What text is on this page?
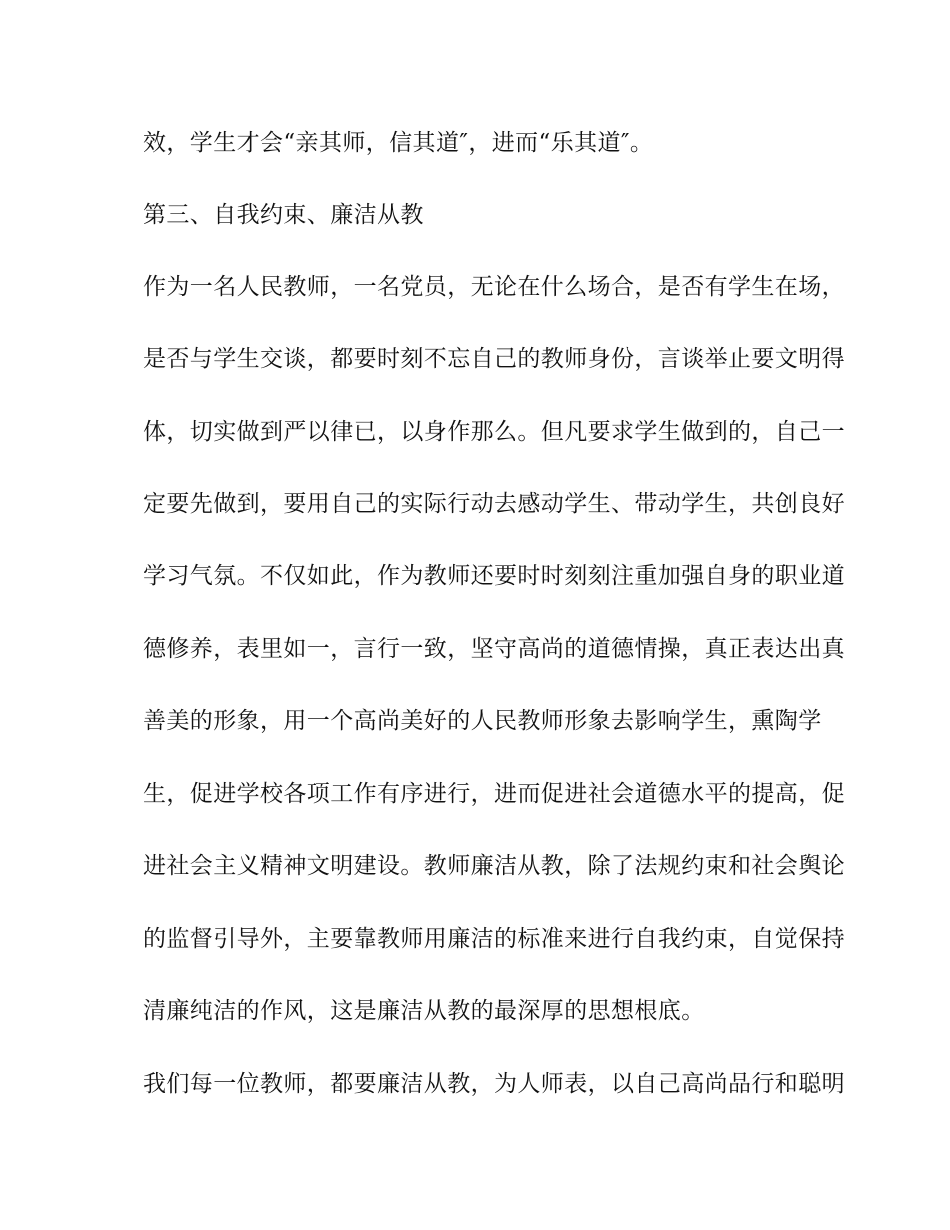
效，学生才会“亲其师，信其道″，进而“乐其道″。
第三、自我约束、廉洁从教
作为一名人民教师，一名党员，无论在什么场合，是否有学生在场，
是否与学生交谈，都要时刻不忘自己的教师身份，言谈举止要文明得
体，切实做到严以律已，以身作那么。但凡要求学生做到的，自己一
定要先做到，要用自己的实际行动去感动学生、带动学生，共创良好
学习气氛。不仅如此，作为教师还要时时刻刻注重加强自身的职业道
德修养，表里如一，言行一致，坚守高尚的道德情操，真正表达出真
善美的形象，用一个高尚美好的人民教师形象去影响学生，熏陶学
生，促进学校各项工作有序进行，进而促进社会道德水平的提高，促
进社会主义精神文明建设。教师廉洁从教，除了法规约束和社会舆论
的监督引导外，主要靠教师用廉洁的标准来进行自我约束，自觉保持
清廉纯洁的作风，这是廉洁从教的最深厚的思想根底。
我们每一位教师，都要廉洁从教，为人师表，以自己高尚品行和聪明
